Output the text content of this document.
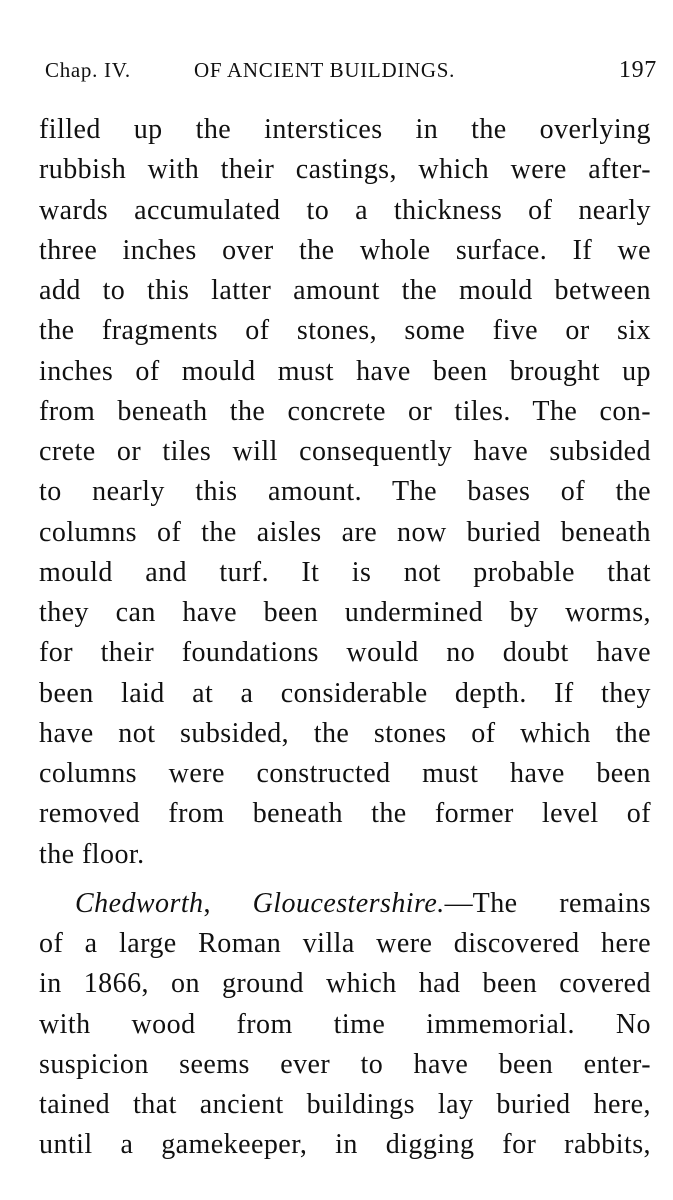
Chap. IV.	OF ANCIENT BUILDINGS.	197
filled up the interstices in the overlying
rubbish with their castings, which were after-
wards accumulated to a thickness of nearly
three inches over the whole surface. If we
add to this latter amount the mould between
the fragments of stones, some five or six
inches of mould must have been brought up
from beneath the concrete or tiles. The con-
crete or tiles will consequently have subsided
to nearly this amount. The bases of the
columns of the aisles are now buried beneath
mould and turf. It is not probable that
they can have been undermined by worms,
for their foundations would no doubt have
been laid at a considerable depth. If they
have not subsided, the stones of which the
columns were constructed must have been
removed from beneath the former level of
the floor.
Chedworth, Gloucestershire.—The remains
of a large Roman villa were discovered here
in 1866, on ground which had been covered
with wood from time immemorial. No
suspicion seems ever to have been enter-
tained that ancient buildings lay buried here,
until a gamekeeper, in digging for rabbits,
